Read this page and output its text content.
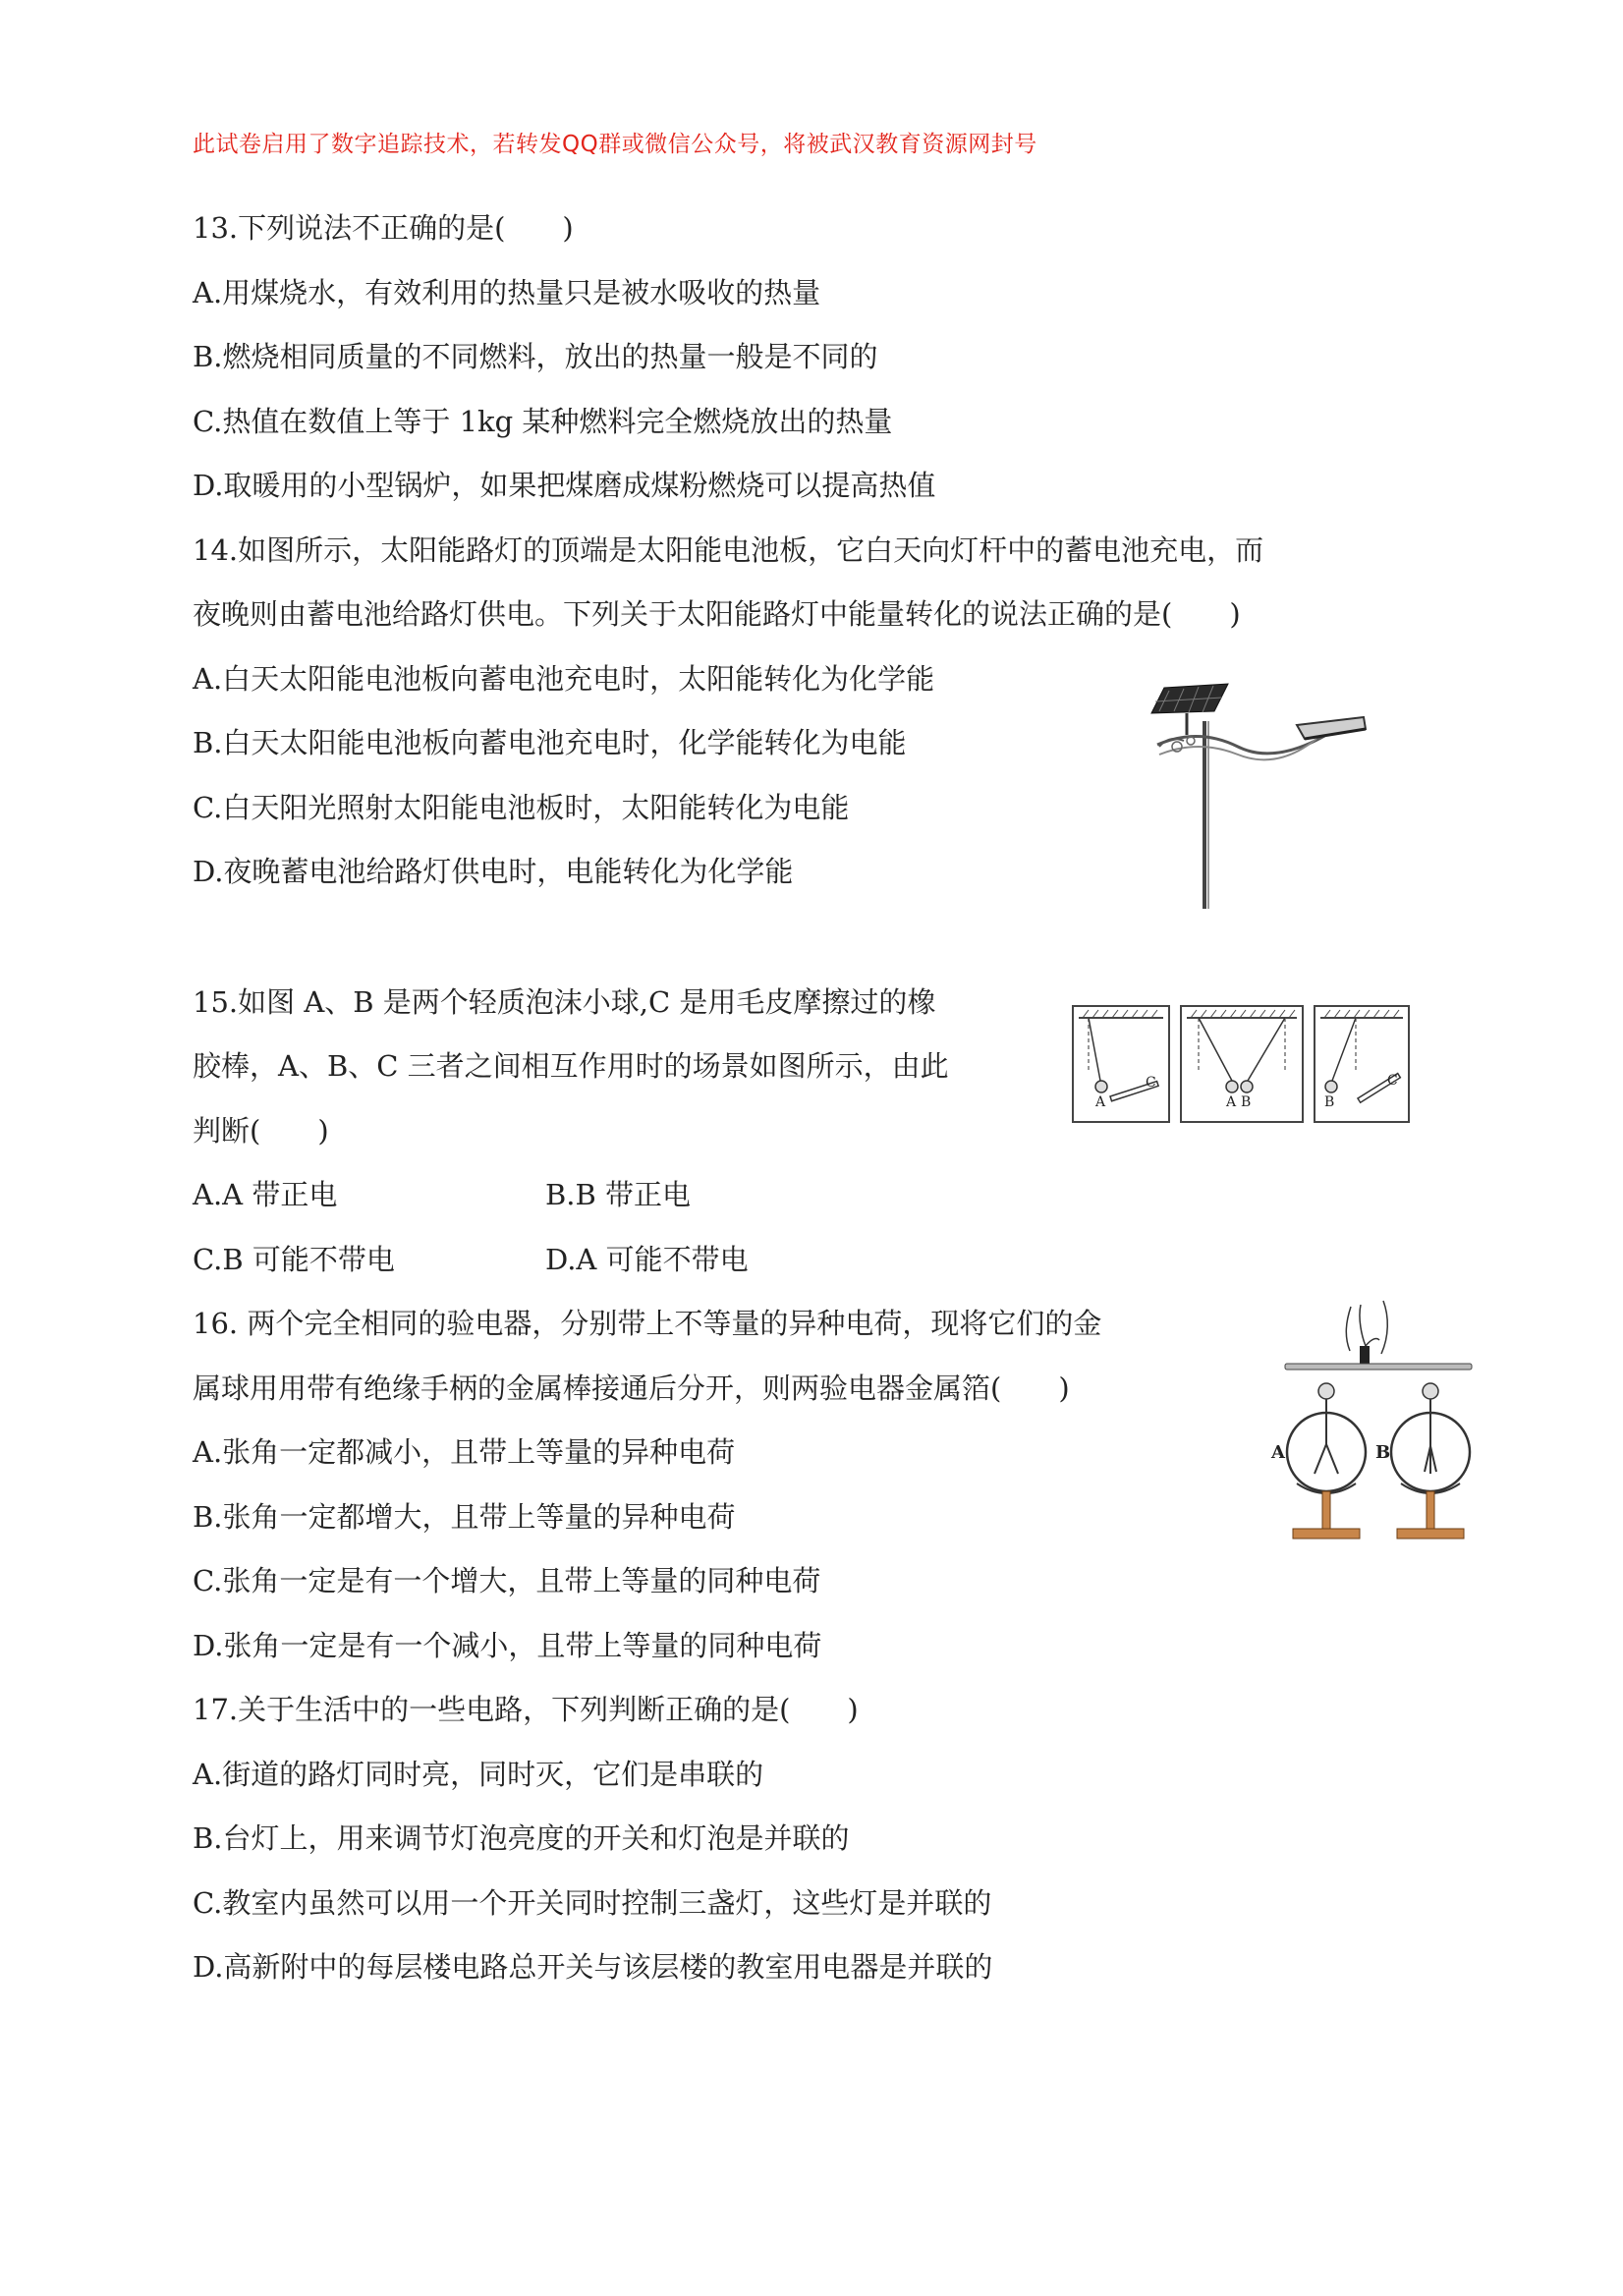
此试卷启用了数字追踪技术，若转发QQ群或微信公众号，将被武汉教育资源网封号
13.下列说法不正确的是(　　)
A.用煤烧水，有效利用的热量只是被水吸收的热量
B.燃烧相同质量的不同燃料，放出的热量一般是不同的
C.热值在数值上等于 1kg 某种燃料完全燃烧放出的热量
D.取暖用的小型锅炉，如果把煤磨成煤粉燃烧可以提高热值
14.如图所示，太阳能路灯的顶端是太阳能电池板，它白天向灯杆中的蓄电池充电，而
夜晚则由蓄电池给路灯供电。下列关于太阳能路灯中能量转化的说法正确的是(　　)
A.白天太阳能电池板向蓄电池充电时，太阳能转化为化学能
B.白天太阳能电池板向蓄电池充电时，化学能转化为电能
C.白天阳光照射太阳能电池板时，太阳能转化为电能
D.夜晚蓄电池给路灯供电时，电能转化为化学能
15.如图 A、B 是两个轻质泡沫小球,C 是用毛皮摩擦过的橡
胶棒，A、B、C 三者之间相互作用时的场景如图所示，由此
判断(　　)
A.A 带正电	B.B 带正电
C.B 可能不带电	D.A 可能不带电
A
C
A B	B
C
16. 两个完全相同的验电器，分别带上不等量的异种电荷，现将它们的金
属球用用带有绝缘手柄的金属棒接通后分开，则两验电器金属箔(　　)
A.张角一定都减小，且带上等量的异种电荷
B.张角一定都增大，且带上等量的异种电荷
C.张角一定是有一个增大，且带上等量的同种电荷
D.张角一定是有一个减小，且带上等量的同种电荷
A	B
17.关于生活中的一些电路，下列判断正确的是(　　)
A.街道的路灯同时亮，同时灭，它们是串联的
B.台灯上，用来调节灯泡亮度的开关和灯泡是并联的
C.教室内虽然可以用一个开关同时控制三盏灯，这些灯是并联的
D.高新附中的每层楼电路总开关与该层楼的教室用电器是并联的
